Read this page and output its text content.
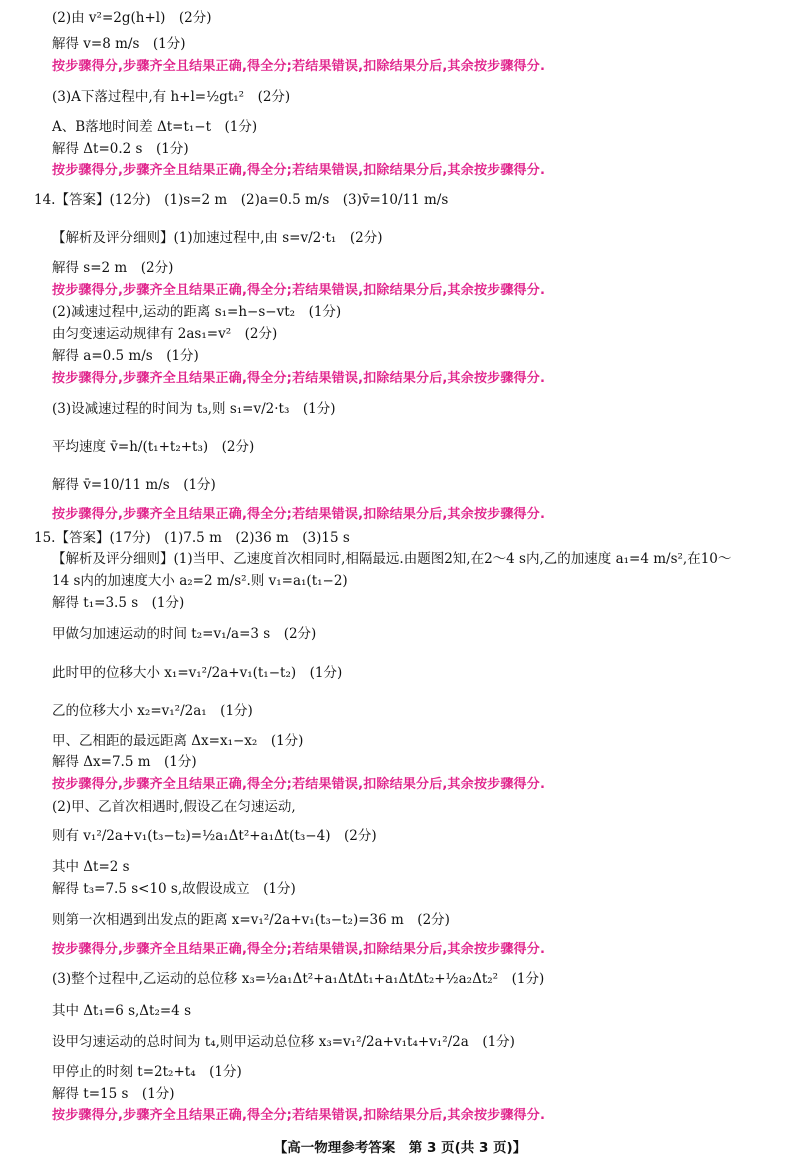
(2)由 v²=2g(h+l)　(2分)
解得 v=8 m/s　(1分)
按步骤得分,步骤齐全且结果正确,得全分;若结果错误,扣除结果分后,其余按步骤得分.
(3)A下落过程中,有 h+l=½gt₁²　(2分)
A、B落地时间差 Δt=t₁−t　(1分)
解得 Δt=0.2 s　(1分)
按步骤得分,步骤齐全且结果正确,得全分;若结果错误,扣除结果分后,其余按步骤得分.
14.【答案】(12分)　(1)s=2 m　(2)a=0.5 m/s　(3)v̄=10/11 m/s
【解析及评分细则】(1)加速过程中,由 s=v/2·t₁　(2分)
解得 s=2 m　(2分)
按步骤得分,步骤齐全且结果正确,得全分;若结果错误,扣除结果分后,其余按步骤得分.
(2)减速过程中,运动的距离 s₁=h−s−vt₂　(1分)
由匀变速运动规律有 2as₁=v²　(2分)
解得 a=0.5 m/s　(1分)
按步骤得分,步骤齐全且结果正确,得全分;若结果错误,扣除结果分后,其余按步骤得分.
(3)设减速过程的时间为 t₃,则 s₁=v/2·t₃　(1分)
平均速度 v̄=h/(t₁+t₂+t₃)　(2分)
解得 v̄=10/11 m/s　(1分)
按步骤得分,步骤齐全且结果正确,得全分;若结果错误,扣除结果分后,其余按步骤得分.
15.【答案】(17分)　(1)7.5 m　(2)36 m　(3)15 s
【解析及评分细则】(1)当甲、乙速度首次相同时,相隔最远.由题图2知,在2～4 s内,乙的加速度 a₁=4 m/s²,在10～
14 s内的加速度大小 a₂=2 m/s².则 v₁=a₁(t₁−2)
解得 t₁=3.5 s　(1分)
甲做匀加速运动的时间 t₂=v₁/a=3 s　(2分)
此时甲的位移大小 x₁=v₁²/2a+v₁(t₁−t₂)　(1分)
乙的位移大小 x₂=v₁²/2a₁　(1分)
甲、乙相距的最远距离 Δx=x₁−x₂　(1分)
解得 Δx=7.5 m　(1分)
按步骤得分,步骤齐全且结果正确,得全分;若结果错误,扣除结果分后,其余按步骤得分.
(2)甲、乙首次相遇时,假设乙在匀速运动,
则有 v₁²/2a+v₁(t₃−t₂)=½a₁Δt²+a₁Δt(t₃−4)　(2分)
其中 Δt=2 s
解得 t₃=7.5 s<10 s,故假设成立　(1分)
则第一次相遇到出发点的距离 x=v₁²/2a+v₁(t₃−t₂)=36 m　(2分)
按步骤得分,步骤齐全且结果正确,得全分;若结果错误,扣除结果分后,其余按步骤得分.
(3)整个过程中,乙运动的总位移 x₃=½a₁Δt²+a₁ΔtΔt₁+a₁ΔtΔt₂+½a₂Δt₂²　(1分)
其中 Δt₁=6 s,Δt₂=4 s
设甲匀速运动的总时间为 t₄,则甲运动总位移 x₃=v₁²/2a+v₁t₄+v₁²/2a　(1分)
甲停止的时刻 t=2t₂+t₄　(1分)
解得 t=15 s　(1分)
按步骤得分,步骤齐全且结果正确,得全分;若结果错误,扣除结果分后,其余按步骤得分.
【高一物理参考答案　第 3 页(共 3 页)】
